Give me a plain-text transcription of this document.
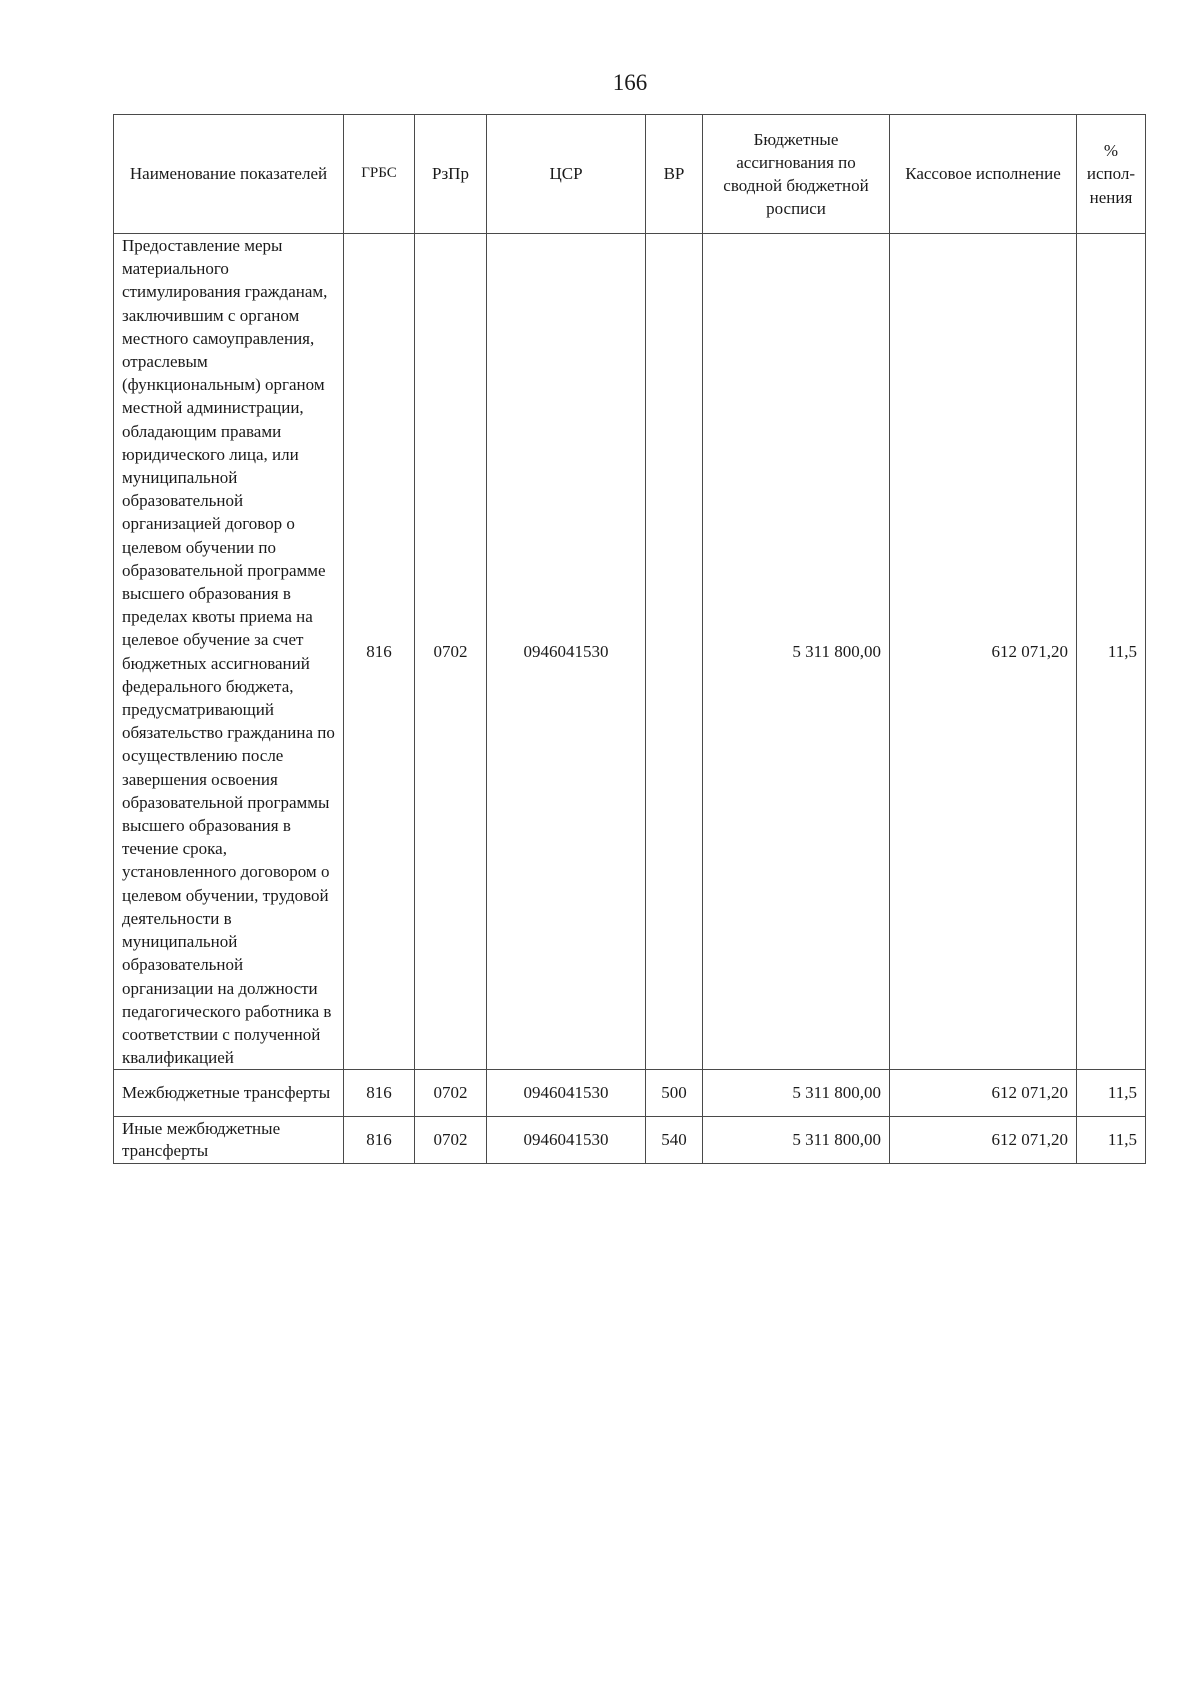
166
Наименование показателей	ГРБС	РзПр	ЦСР	ВР	Бюджетные ассигнования по сводной бюджетной росписи	Кассовое исполнение	% испол-нения
Предоставление меры материального стимулирования гражданам, заключившим с органом местного самоуправления, отраслевым (функциональным) органом местной администрации, обладающим правами юридического лица, или муниципальной образовательной организацией договор о целевом обучении по образовательной программе высшего образования в пределах квоты приема на целевое обучение за счет бюджетных ассигнований федерального бюджета, предусматривающий обязательство гражданина по осуществлению после завершения освоения образовательной программы высшего образования в течение срока, установленного договором о целевом обучении, трудовой деятельности в муниципальной образовательной организации на должности педагогического работника в соответствии с полученной квалификацией	816	0702	0946041530		5 311 800,00	612 071,20	11,5
Межбюджетные трансферты	816	0702	0946041530	500	5 311 800,00	612 071,20	11,5
Иные межбюджетные трансферты	816	0702	0946041530	540	5 311 800,00	612 071,20	11,5
